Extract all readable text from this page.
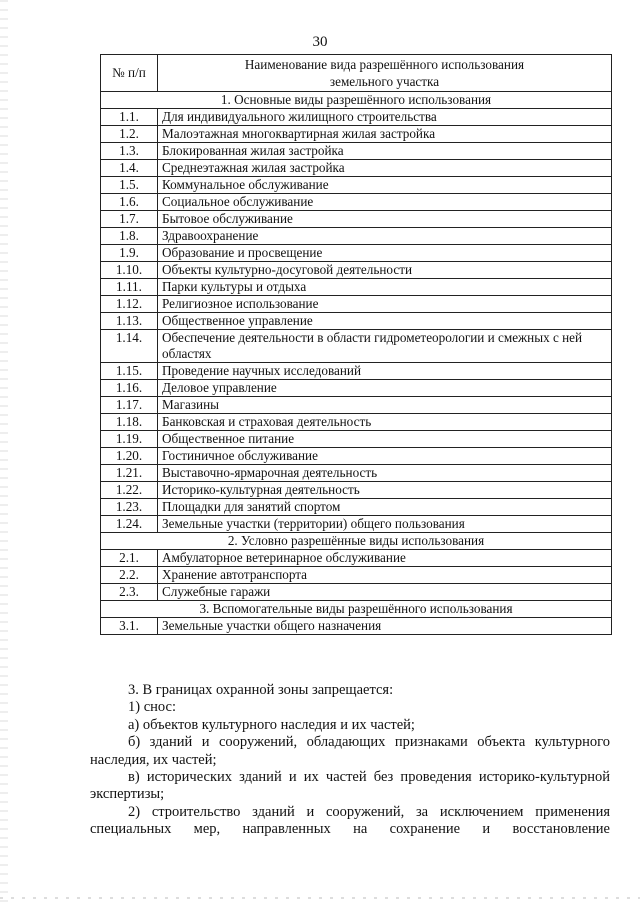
30
№ п/п	Наименование вида разрешённого использования
земельного участка
1. Основные виды разрешённого использования	
1.1.	Для индивидуального жилищного строительства
1.2.	Малоэтажная многоквартирная жилая застройка
1.3.	Блокированная жилая застройка
1.4.	Среднеэтажная жилая застройка
1.5.	Коммунальное обслуживание
1.6.	Социальное обслуживание
1.7.	Бытовое обслуживание
1.8.	Здравоохранение
1.9.	Образование и просвещение
1.10.	Объекты культурно-досуговой деятельности
1.11.	Парки культуры и отдыха
1.12.	Религиозное использование
1.13.	Общественное управление
1.14.	Обеспечение деятельности в области гидрометеорологии и смежных с ней областях
1.15.	Проведение научных исследований
1.16.	Деловое управление
1.17.	Магазины
1.18.	Банковская и страховая деятельность
1.19.	Общественное питание
1.20.	Гостиничное обслуживание
1.21.	Выставочно-ярмарочная деятельность
1.22.	Историко-культурная деятельность
1.23.	Площадки для занятий спортом
1.24.	Земельные участки (территории) общего пользования
2. Условно разрешённые виды использования	
2.1.	Амбулаторное ветеринарное обслуживание
2.2.	Хранение автотранспорта
2.3.	Служебные гаражи
3. Вспомогательные виды разрешённого использования	
3.1.	Земельные участки общего назначения

3. В границах охранной зоны запрещается:

1) снос:

а) объектов культурного наследия и их частей;

б) зданий и сооружений, обладающих признаками объекта культурного наследия, их частей;

в) исторических зданий и их частей без проведения историко-культурной экспертизы;

2) строительство зданий и сооружений, за исключением применения специальных мер, направленных на сохранение и восстановление
